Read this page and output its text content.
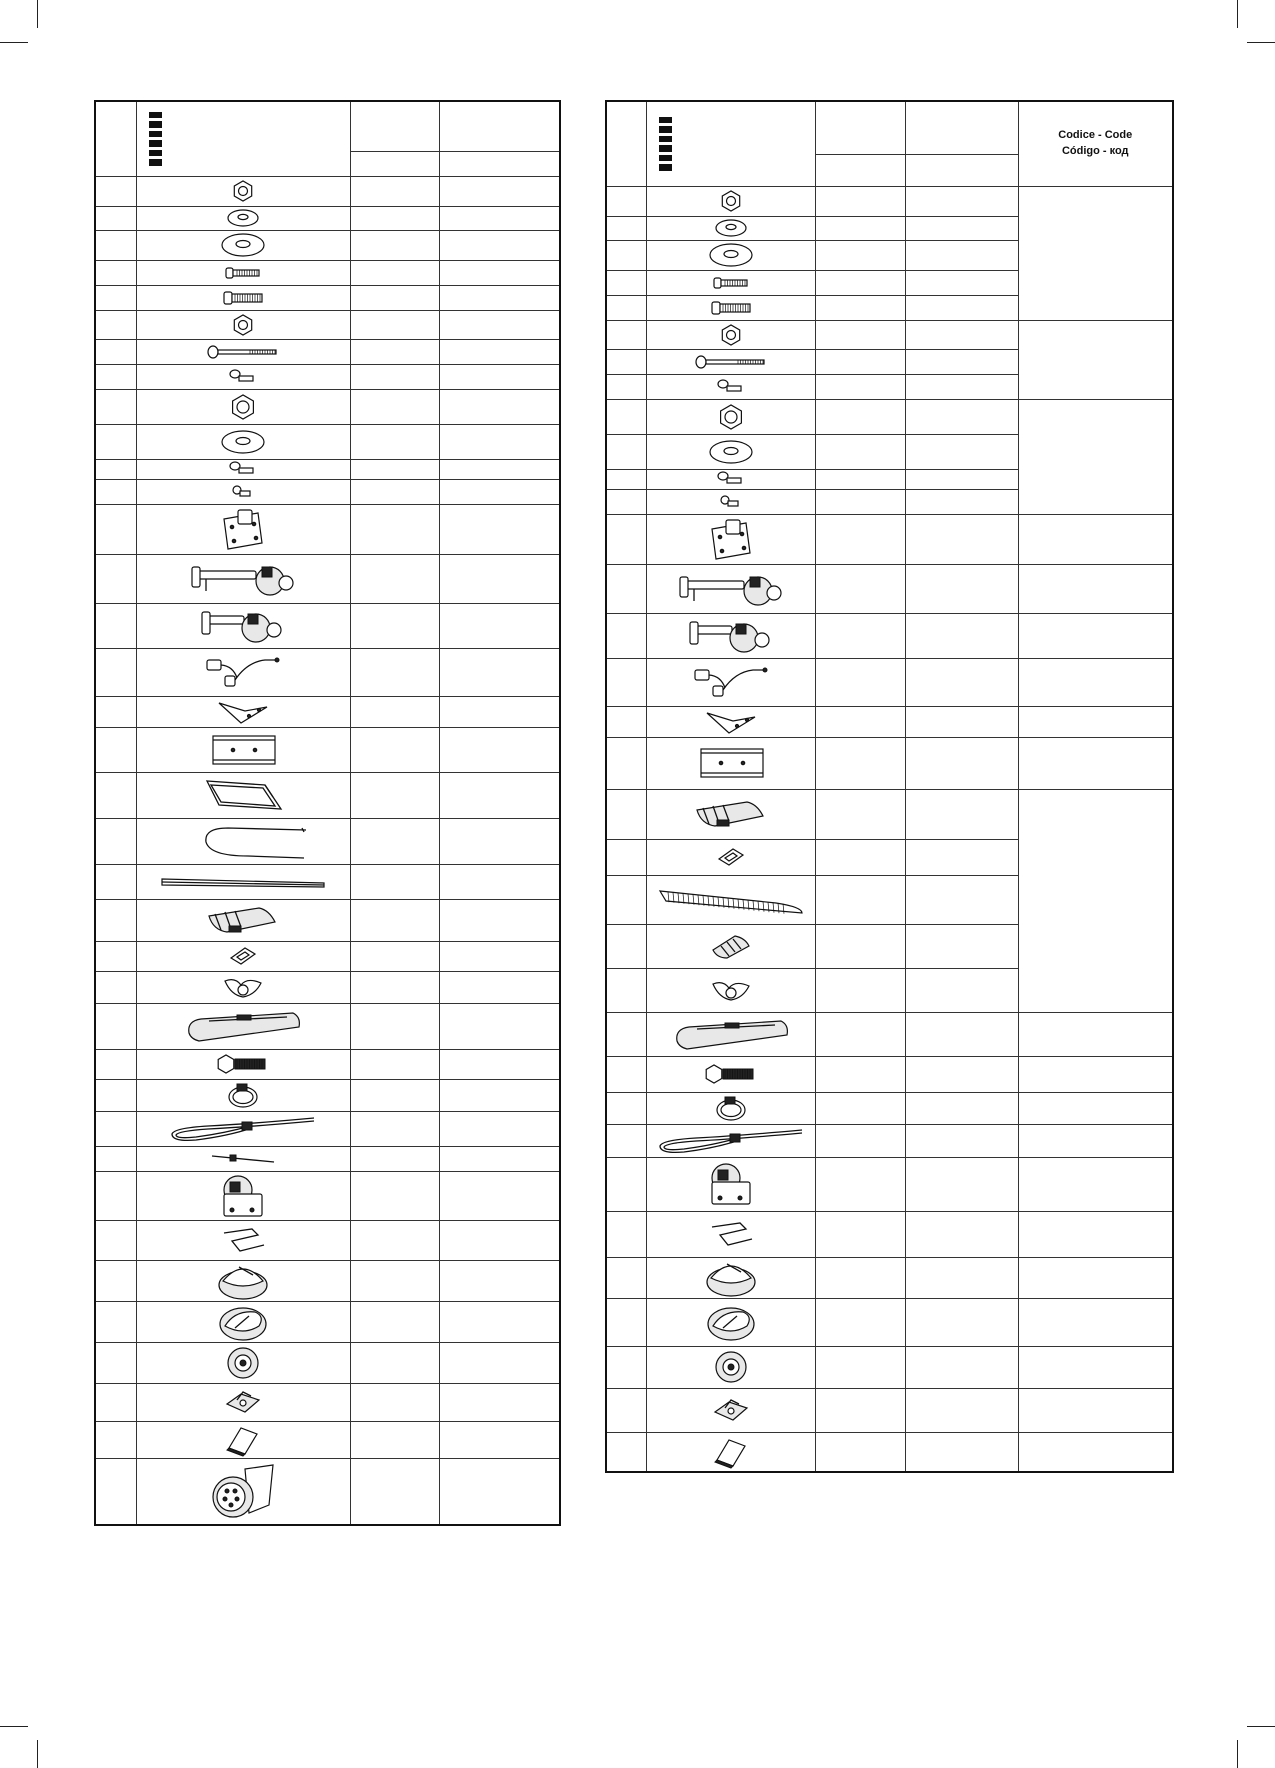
				Codice - Code
Código - код
